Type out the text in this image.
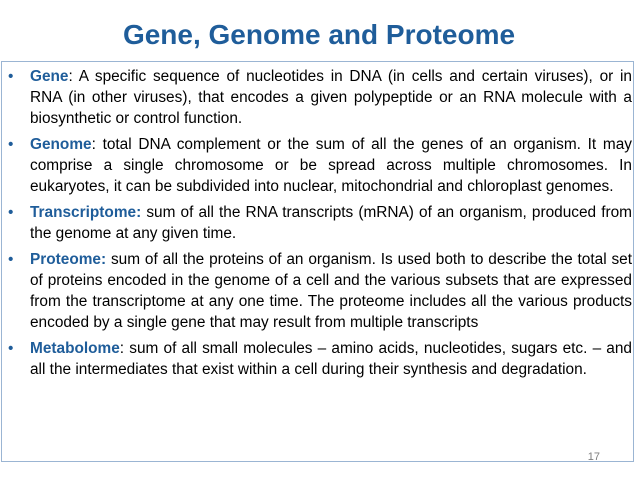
Gene, Genome and Proteome
• Gene: A specific sequence of nucleotides in DNA (in cells and certain viruses), or in RNA (in other viruses), that encodes a given polypeptide or an RNA molecule with a biosynthetic or control function.
• Genome: total DNA complement or the sum of all the genes of an organism. It may comprise a single chromosome or be spread across multiple chromosomes. In eukaryotes, it can be subdivided into nuclear, mitochondrial and chloroplast genomes.
• Transcriptome: sum of all the RNA transcripts (mRNA) of an organism, produced from the genome at any given time.
• Proteome: sum of all the proteins of an organism. Is used both to describe the total set of proteins encoded in the genome of a cell and the various subsets that are expressed from the transcriptome at any one time. The proteome includes all the various products encoded by a single gene that may result from multiple transcripts
• Metabolome: sum of all small molecules – amino acids, nucleotides, sugars etc. – and all the intermediates that exist within a cell during their synthesis and degradation.
17
